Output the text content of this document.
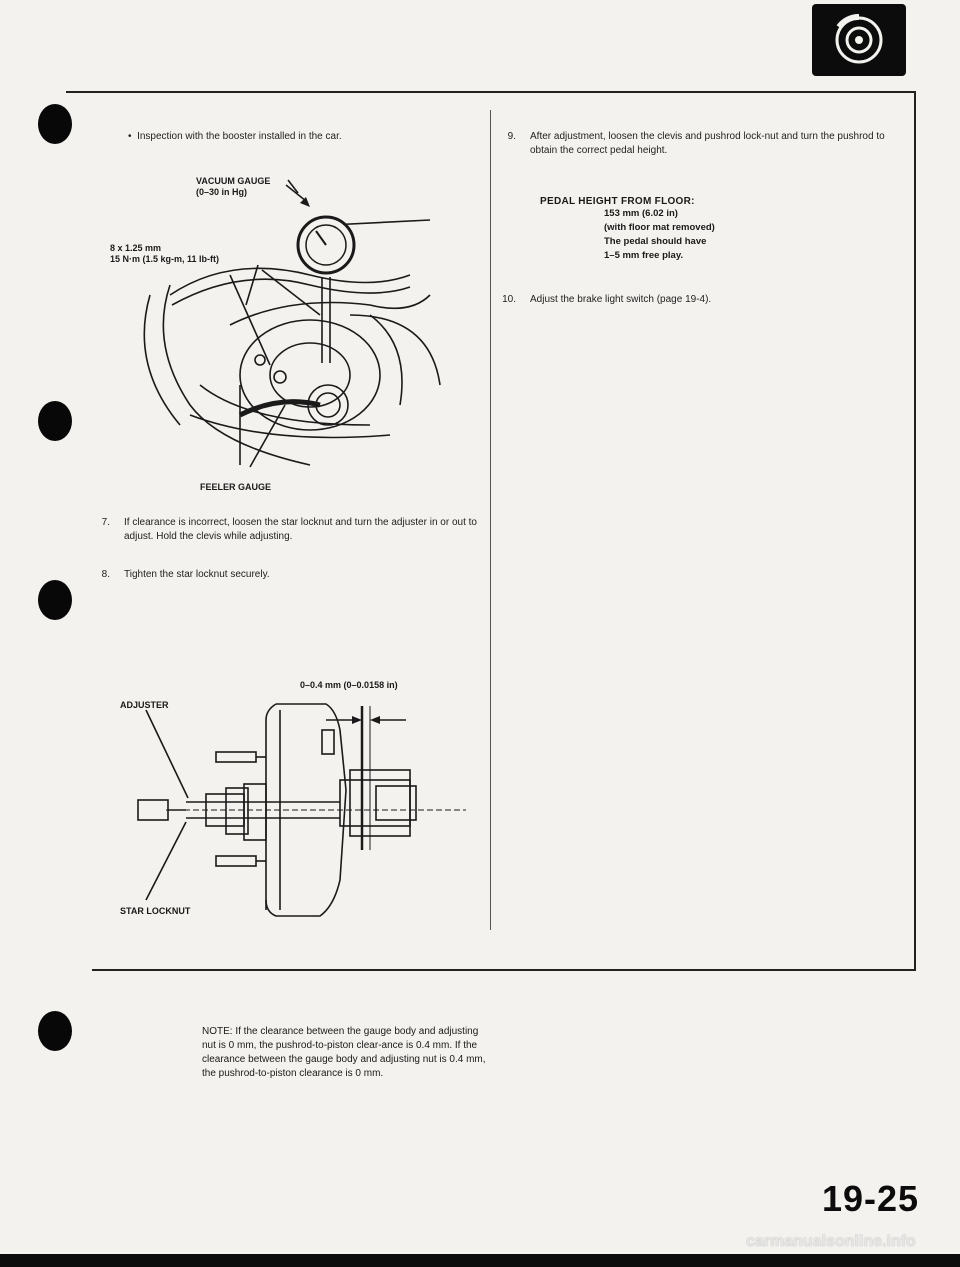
•  Inspection with the booster installed in the car.
VACUUM GAUGE
(0–30 in Hg)
8 x 1.25 mm
15 N·m (1.5 kg-m, 11 lb-ft)
FEELER GAUGE
7. If clearance is incorrect, loosen the star locknut and turn the adjuster in or out to adjust. Hold the clevis while adjusting.
8. Tighten the star locknut securely.
0–0.4 mm (0–0.0158 in)
ADJUSTER
STAR LOCKNUT
NOTE: If the clearance between the gauge body and adjusting nut is 0 mm, the pushrod-to-piston clear-ance is 0.4 mm. If the clearance between the gauge body and adjusting nut is 0.4 mm, the pushrod-to-piston clearance is 0 mm.
9. After adjustment, loosen the clevis and pushrod lock-nut and turn the pushrod to obtain the correct pedal height.
PEDAL HEIGHT FROM FLOOR:
153 mm (6.02 in)
(with floor mat removed)
The pedal should have
1–5 mm free play.
10. Adjust the brake light switch (page 19-4).
19-25
carmanualsonline.info
